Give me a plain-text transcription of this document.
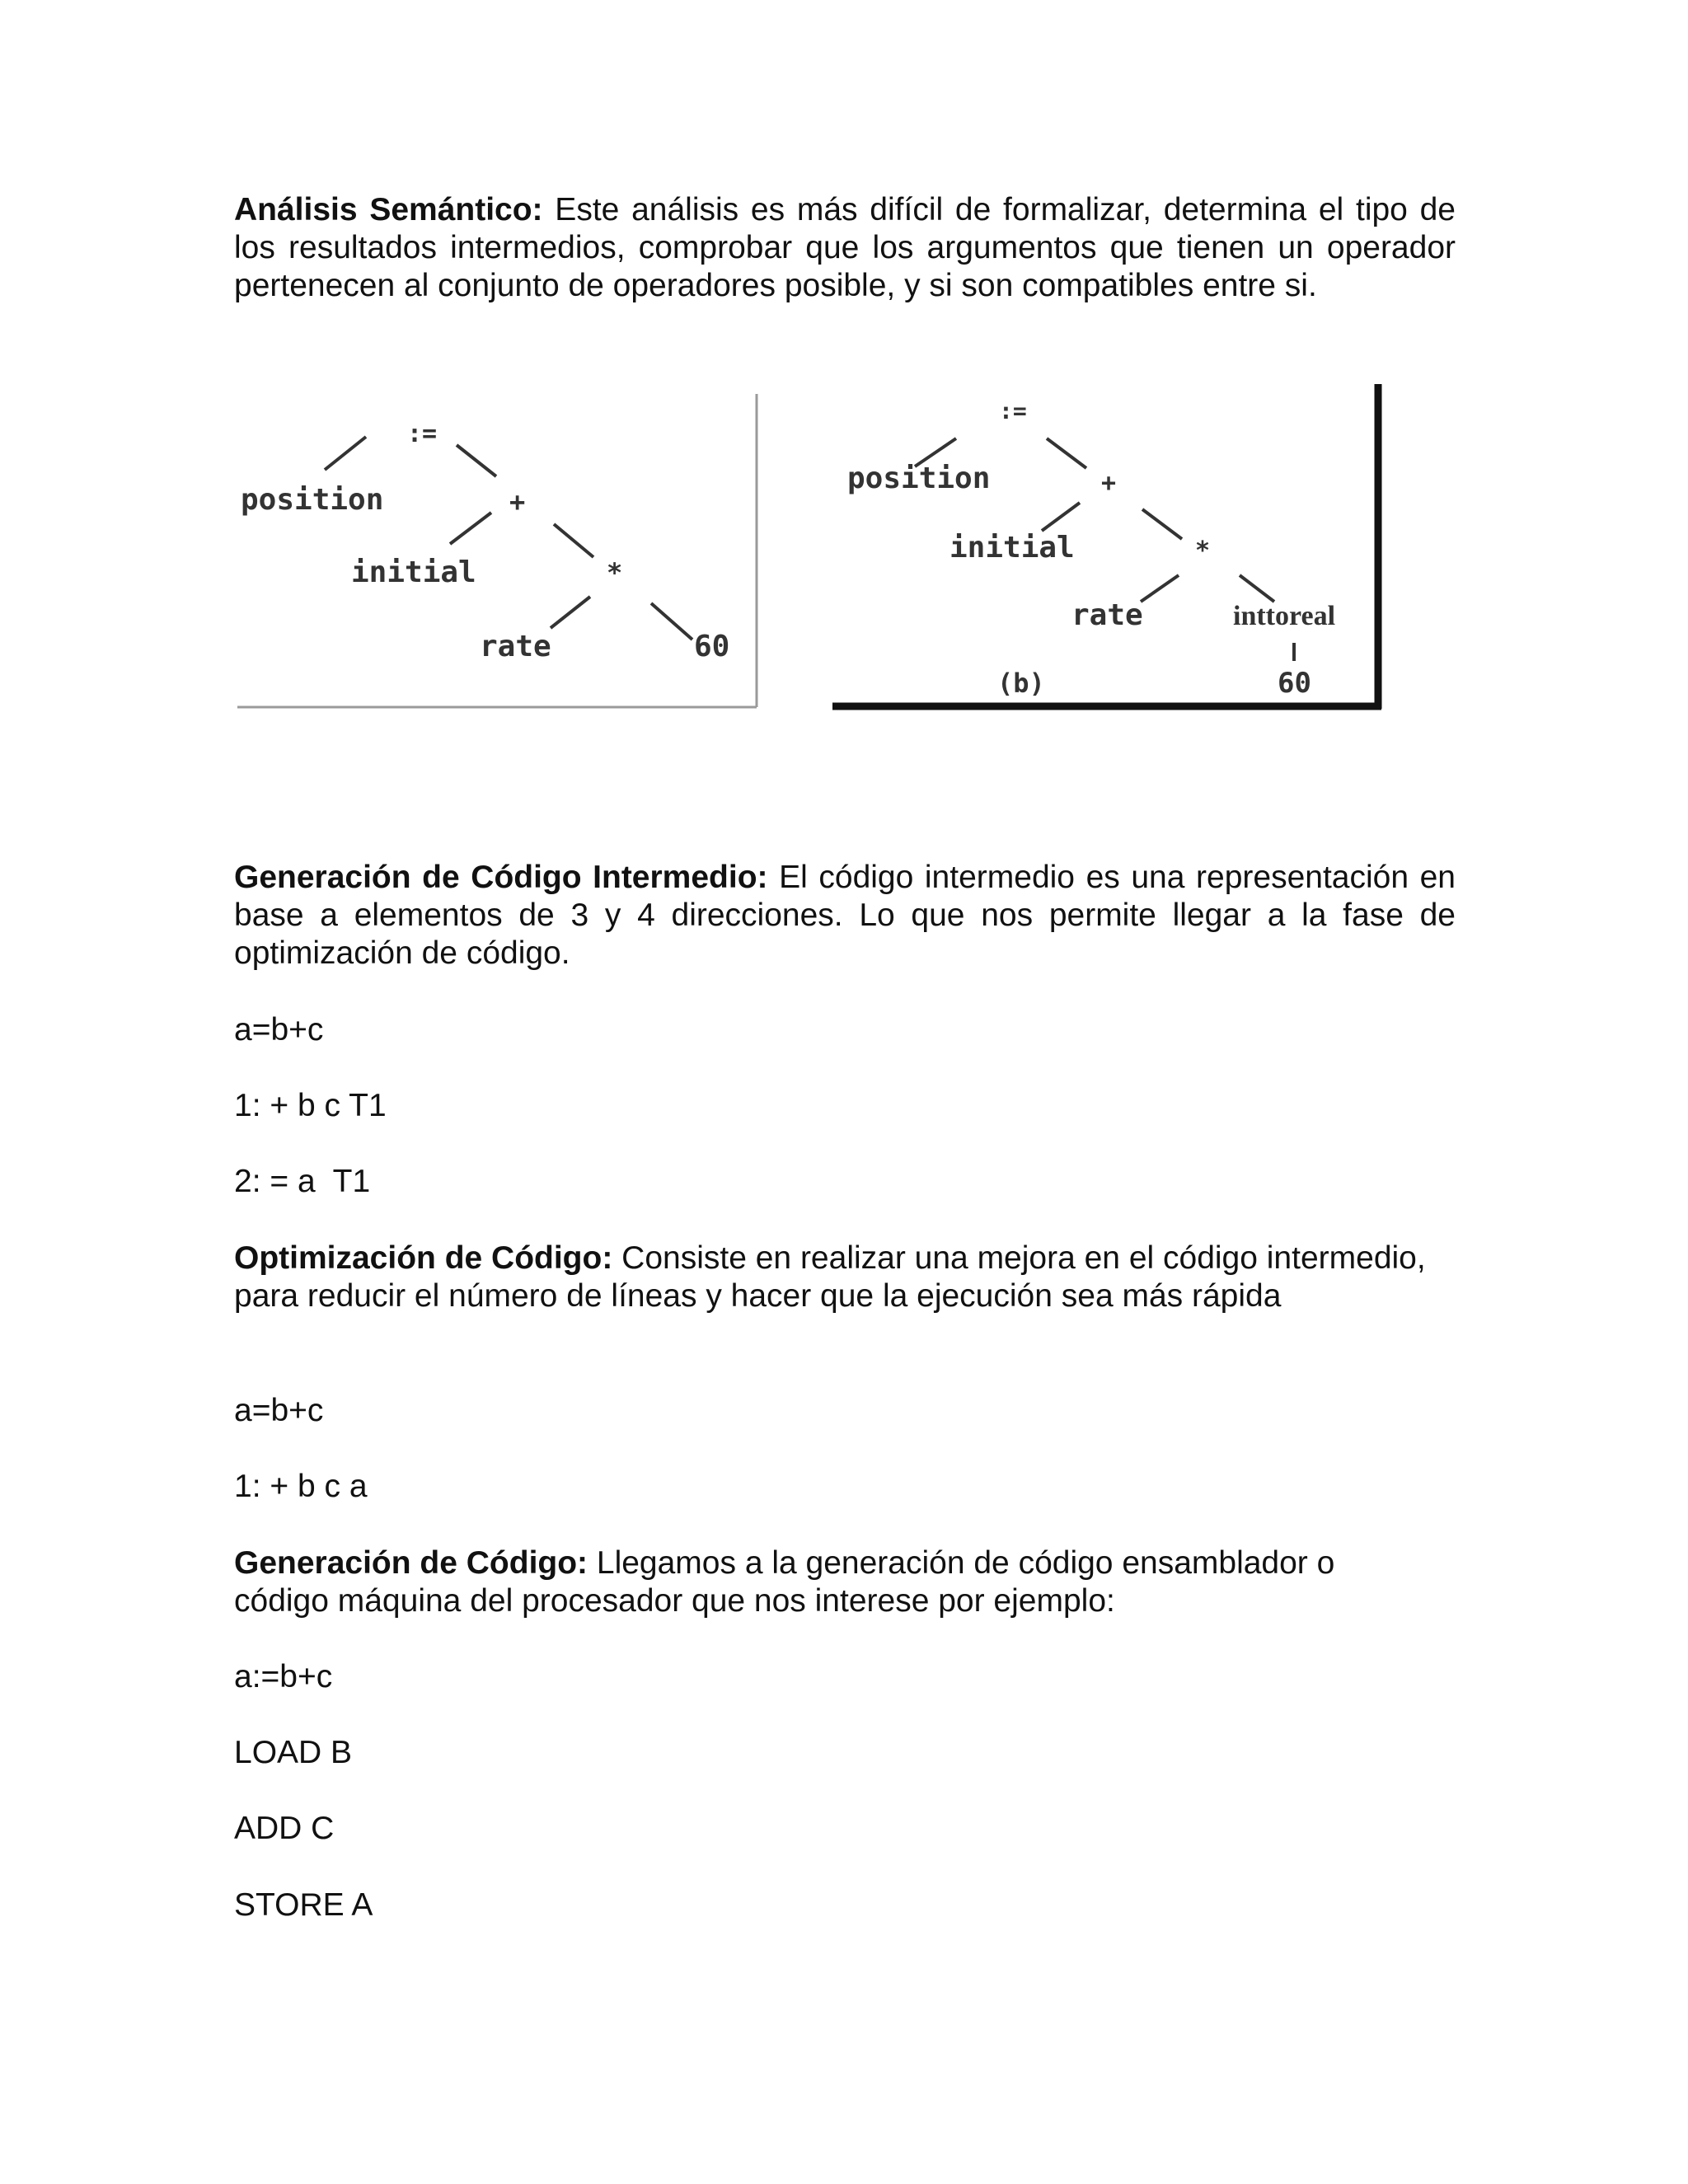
Análisis Semántico: Este análisis es más difícil de formalizar, determina el tipo de los resultados intermedios, comprobar que los argumentos que tienen un operador pertenecen al conjunto de operadores posible, y si son compatibles entre si.

:=
position	+
initial	*
rate	60
:=
position	+
initial	*
rate	inttoreal
(b)	60

Generación de Código Intermedio: El código intermedio es una representación en base a elementos de 3 y 4 direcciones. Lo que nos permite llegar a la fase de optimización de código.

a=b+c

1: + b c T1

2: = a  T1

Optimización de Código: Consiste en realizar una mejora en el código intermedio, para reducir el número de líneas y hacer que la ejecución sea más rápida

a=b+c

1: + b c a

Generación de Código: Llegamos a la generación de código ensamblador o código máquina del procesador que nos interese por ejemplo:

a:=b+c

LOAD B

ADD C

STORE A
